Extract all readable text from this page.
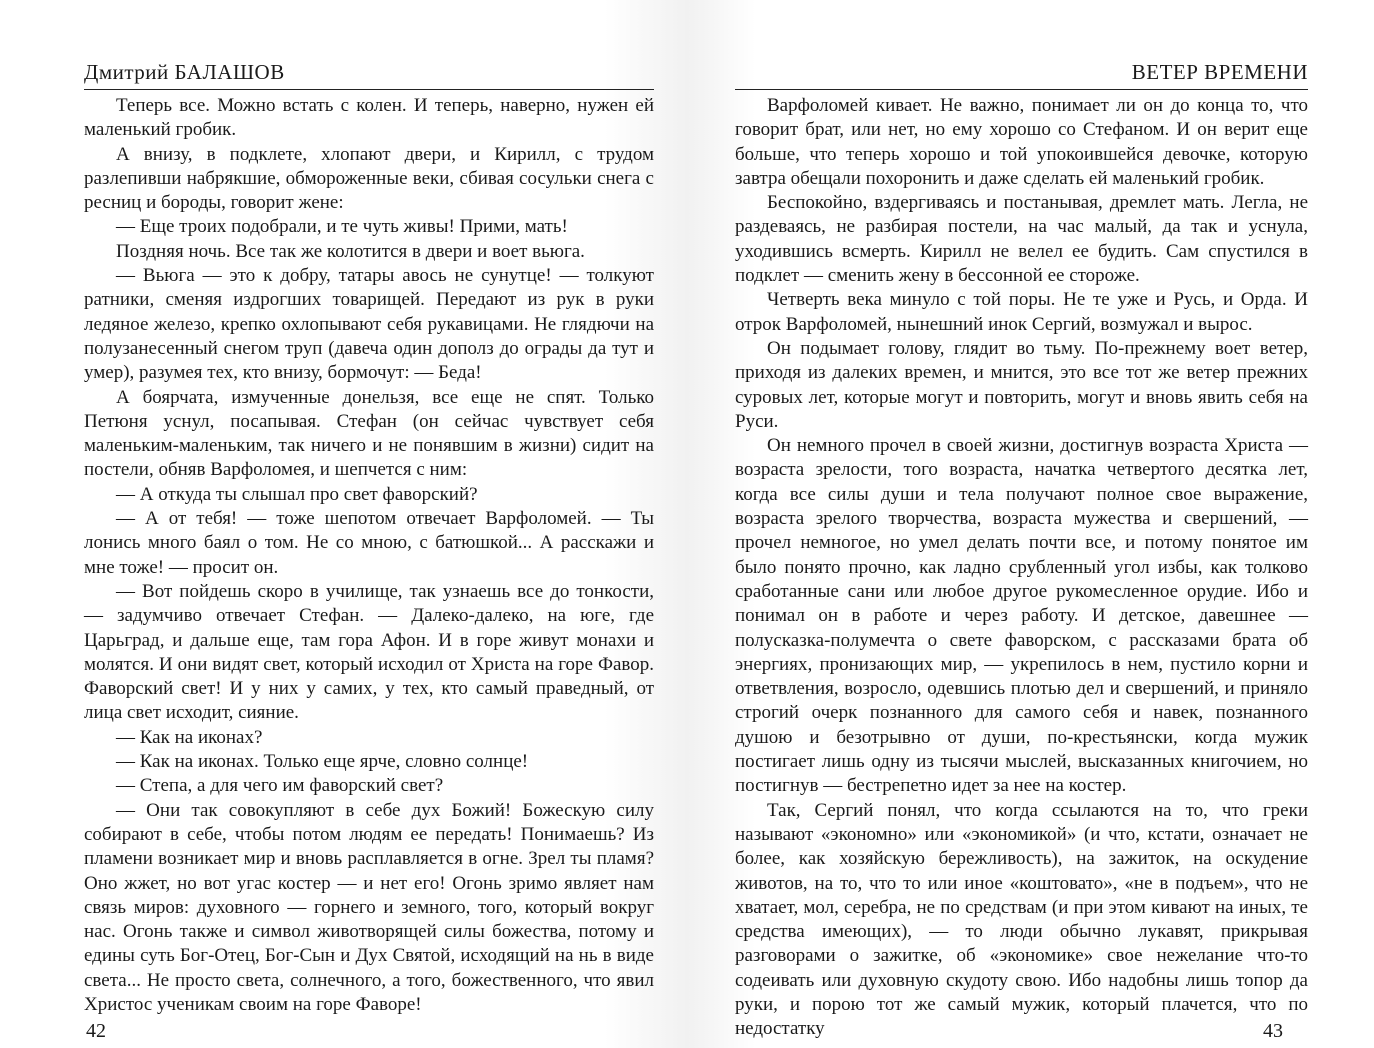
Дмитрий БАЛАШОВ

Теперь все. Можно встать с колен. И теперь, наверно, нужен ей маленький гробик.

А внизу, в подклете, хлопают двери, и Кирилл, с трудом разлепивши набрякшие, обмороженные веки, сбивая сосульки снега с ресниц и бороды, говорит жене:

— Еще троих подобрали, и те чуть живы! Прими, мать!

Поздняя ночь. Все так же колотится в двери и воет вьюга.

— Вьюга — это к добру, татары авось не сунутце! — толкуют ратники, сменяя издрогших товарищей. Передают из рук в руки ледяное железо, крепко охлопывают себя рукавицами. Не глядючи на полузанесенный снегом труп (давеча один дополз до ограды да тут и умер), разумея тех, кто внизу, бормочут: — Беда!

А боярчата, измученные донельзя, все еще не спят. Только Петюня уснул, посапывая. Стефан (он сейчас чувствует себя маленьким-маленьким, так ничего и не понявшим в жизни) сидит на постели, обняв Варфоломея, и шепчется с ним:

— А откуда ты слышал про свет фаворский?

— А от тебя! — тоже шепотом отвечает Варфоломей. — Ты лонись много баял о том. Не со мною, с батюшкой... А расскажи и мне тоже! — просит он.

— Вот пойдешь скоро в училище, так узнаешь все до тонкости, — задумчиво отвечает Стефан. — Далеко-далеко, на юге, где Царьград, и дальше еще, там гора Афон. И в горе живут монахи и молятся. И они видят свет, который исходил от Христа на горе Фавор. Фаворский свет! И у них у самих, у тех, кто самый праведный, от лица свет исходит, сияние.

— Как на иконах?

— Как на иконах. Только еще ярче, словно солнце!

— Степа, а для чего им фаворский свет?

— Они так совокупляют в себе дух Божий! Божескую силу собирают в себе, чтобы потом людям ее передать! Понимаешь? Из пламени возникает мир и вновь расплавляется в огне. Зрел ты пламя? Оно жжет, но вот угас костер — и нет его! Огонь зримо являет нам связь миров: духовного — горнего и земного, того, который вокруг нас. Огонь также и символ животворящей силы божества, потому и едины суть Бог-Отец, Бог-Сын и Дух Святой, исходящий на нь в виде света... Не просто света, солнечного, а того, божественного, что явил Христос ученикам своим на горе Фаворе!

42
ВЕТЕР ВРЕМЕНИ

Варфоломей кивает. Не важно, понимает ли он до конца то, что говорит брат, или нет, но ему хорошо со Стефаном. И он верит еще больше, что теперь хорошо и той упокоившейся девочке, которую завтра обещали похоронить и даже сделать ей маленький гробик.

Беспокойно, вздергиваясь и постанывая, дремлет мать. Легла, не раздеваясь, не разбирая постели, на час малый, да так и уснула, уходившись всмерть. Кирилл не велел ее будить. Сам спустился в подклет — сменить жену в бессонной ее стороже.

Четверть века минуло с той поры. Не те уже и Русь, и Орда. И отрок Варфоломей, нынешний инок Сергий, возмужал и вырос.

Он подымает голову, глядит во тьму. По-прежнему воет ветер, приходя из далеких времен, и мнится, это все тот же ветер прежних суровых лет, которые могут и повторить, могут и вновь явить себя на Руси.

Он немного прочел в своей жизни, достигнув возраста Христа — возраста зрелости, того возраста, начатка четвертого десятка лет, когда все силы души и тела получают полное свое выражение, возраста зрелого творчества, возраста мужества и свершений, — прочел немногое, но умел делать почти все, и потому понятое им было понято прочно, как ладно срубленный угол избы, как толково сработанные сани или любое другое рукомесленное орудие. Ибо и понимал он в работе и через работу. И детское, давешнее — полусказка-полумечта о свете фаворском, с рассказами брата об энергиях, пронизающих мир, — укрепилось в нем, пустило корни и ответвления, возросло, одевшись плотью дел и свершений, и приняло строгий очерк познанного для самого себя и навек, познанного душою и безотрывно от души, по-крестьянски, когда мужик постигает лишь одну из тысячи мыслей, высказанных книгочием, но постигнув — бестрепетно идет за нее на костер.

Так, Сергий понял, что когда ссылаются на то, что греки называют «экономно» или «экономикой» (и что, кстати, означает не более, как хозяйскую бережливость), на зажиток, на оскудение животов, на то, что то или иное «коштовато», «не в подъем», что не хватает, мол, серебра, не по средствам (и при этом кивают на иных, те средства имеющих), — то люди обычно лукавят, прикрывая разговорами о зажитке, об «экономике» свое нежелание что-то содеивать или духовную скудоту свою. Ибо надобны лишь топор да руки, и порою тот же самый мужик, который плачется, что по недостатку	43
